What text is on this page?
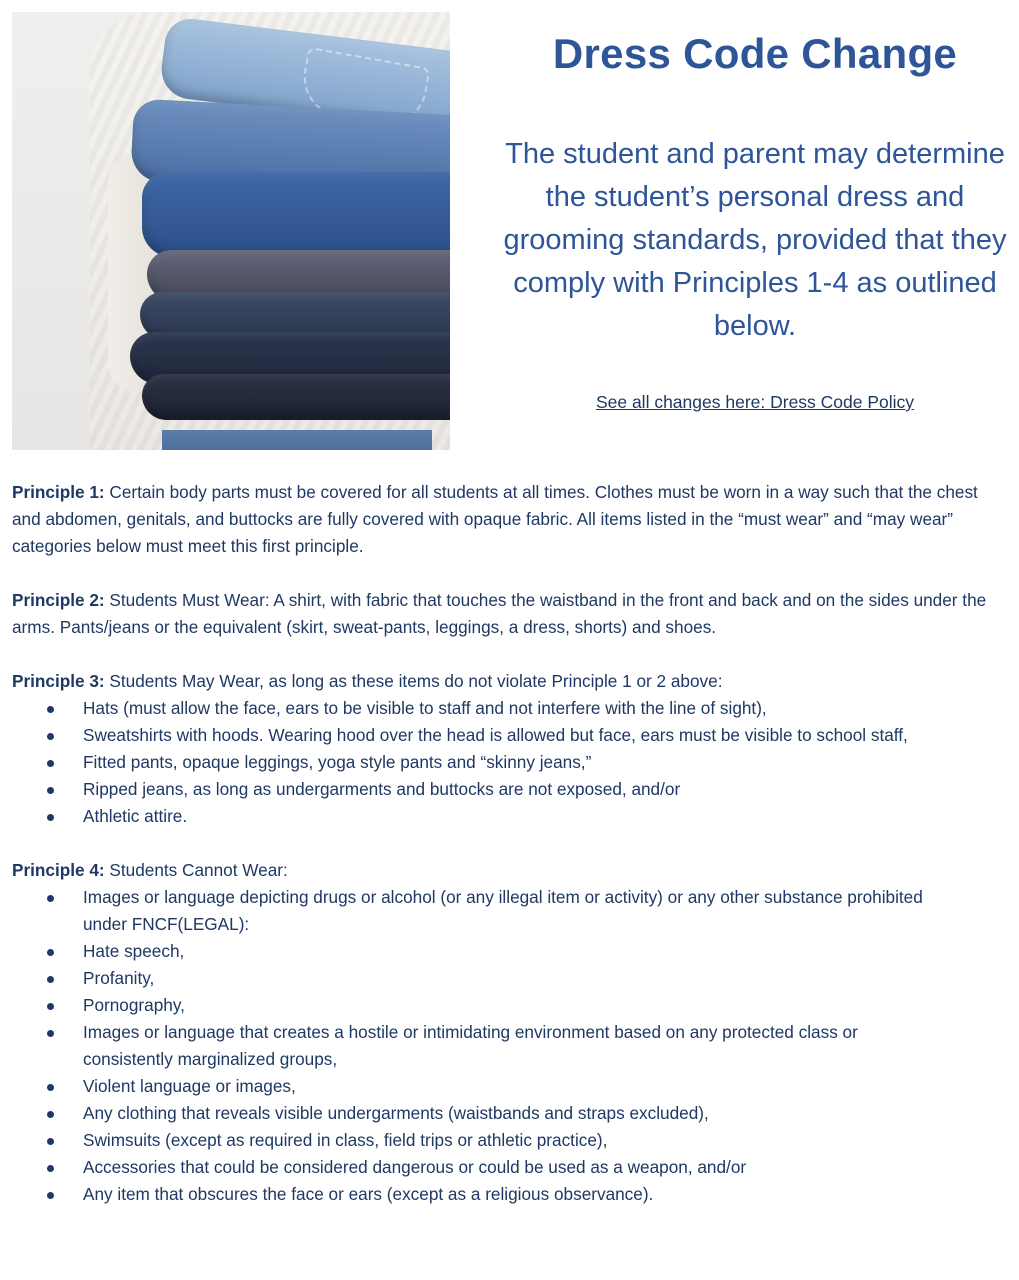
Dress Code Change

The student and parent may determine the student’s personal dress and grooming standards, provided that they comply with Principles 1-4 as outlined below.

See all changes here: Dress Code Policy

Principle 1: Certain body parts must be covered for all students at all times. Clothes must be worn in a way such that the chest and abdomen, genitals, and buttocks are fully covered with opaque fabric. All items listed in the “must wear” and “may wear” categories below must meet this first principle.

Principle 2: Students Must Wear: A shirt, with fabric that touches the waistband in the front and back and on the sides under the arms. Pants/jeans or the equivalent (skirt, sweat-pants, leggings, a dress, shorts) and shoes.

Principle 3: Students May Wear, as long as these items do not violate Principle 1 or 2 above:

Hats (must allow the face, ears to be visible to staff and not interfere with the line of sight),
Sweatshirts with hoods. Wearing hood over the head is allowed but face, ears must be visible to school staff,
Fitted pants, opaque leggings, yoga style pants and “skinny jeans,”
Ripped jeans, as long as undergarments and buttocks are not exposed, and/or
Athletic attire.

Principle 4: Students Cannot Wear:

Images or language depicting drugs or alcohol (or any illegal item or activity) or any other substance prohibited under FNCF(LEGAL):
Hate speech,
Profanity,
Pornography,
Images or language that creates a hostile or intimidating environment based on any protected class or consistently marginalized groups,
Violent language or images,
Any clothing that reveals visible undergarments (waistbands and straps excluded),
Swimsuits (except as required in class, field trips or athletic practice),
Accessories that could be considered dangerous or could be used as a weapon, and/or
Any item that obscures the face or ears (except as a religious observance).
